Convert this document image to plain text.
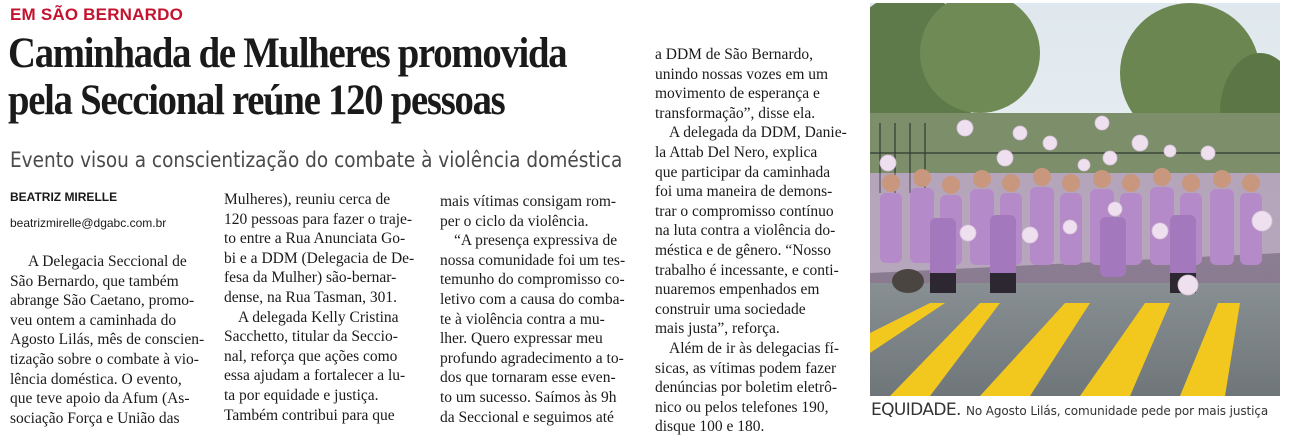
EM SÃO BERNARDO
Caminhada de Mulheres promovida
pela Seccional reúne 120 pessoas
Evento visou a conscientização do combate à violência doméstica
BEATRIZ MIRELLE
beatrizmirelle@dgabc.com.br
A Delegacia Seccional de
São Bernardo, que também
abrange São Caetano, promo-
veu ontem a caminhada do
Agosto Lilás, mês de conscien-
tização sobre o combate à vio-
lência doméstica. O evento,
que teve apoio da Afum (As-
sociação Força e União das
Mulheres), reuniu cerca de
120 pessoas para fazer o traje-
to entre a Rua Anunciata Go-
bi e a DDM (Delegacia de De-
fesa da Mulher) são-bernar-
dense, na Rua Tasman, 301.
A delegada Kelly Cristina
Sacchetto, titular da Seccio-
nal, reforça que ações como
essa ajudam a fortalecer a lu-
ta por equidade e justiça.
Também contribui para que
mais vítimas consigam rom-
per o ciclo da violência.
“A presença expressiva de
nossa comunidade foi um tes-
temunho do compromisso co-
letivo com a causa do comba-
te à violência contra a mu-
lher. Quero expressar meu
profundo agradecimento a to-
dos que tornaram esse even-
to um sucesso. Saímos às 9h
da Seccional e seguimos até
a DDM de São Bernardo,
unindo nossas vozes em um
movimento de esperança e
transformação”, disse ela.
A delegada da DDM, Danie-
la Attab Del Nero, explica
que participar da caminhada
foi uma maneira de demons-
trar o compromisso contínuo
na luta contra a violência do-
méstica e de gênero. “Nosso
trabalho é incessante, e conti-
nuaremos empenhados em
construir uma sociedade
mais justa”, reforça.
Além de ir às delegacias fí-
sicas, as vítimas podem fazer
denúncias por boletim eletrô-
nico ou pelos telefones 190,
disque 100 e 180.
EQUIDADE. No Agosto Lilás, comunidade pede por mais justiça
